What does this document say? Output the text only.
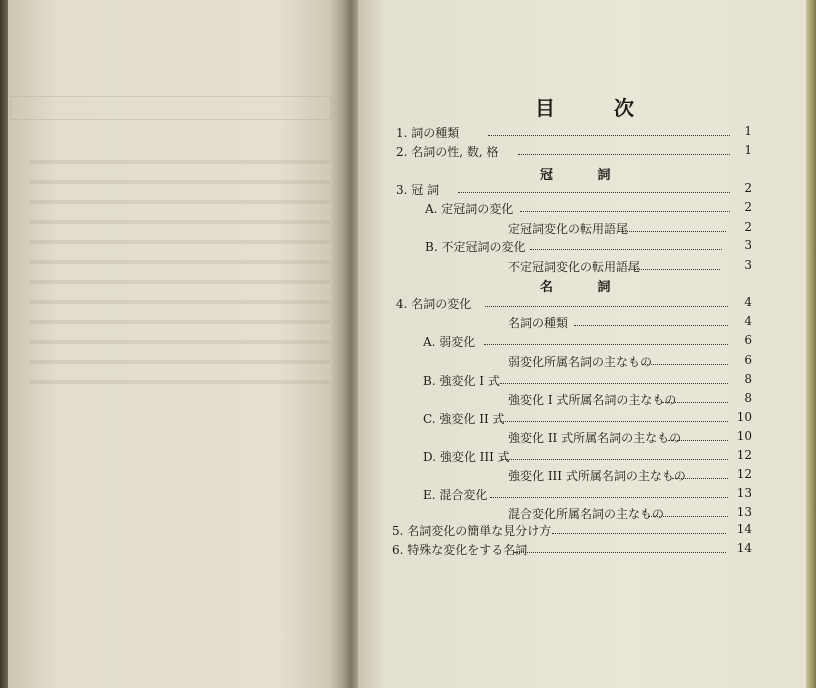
目 次
冠 詞
名 詞
1. 詞の種類	1
2. 名詞の性, 数, 格	1
3. 冠 詞	2
A. 定冠詞の変化	2
定冠詞変化の転用語尾	2
B. 不定冠詞の変化	3
不定冠詞変化の転用語尾	3
4. 名詞の変化	4
名詞の種類	4
A. 弱変化	6
弱変化所属名詞の主なもの	6
B. 強変化 I 式	8
強変化 I 式所属名詞の主なもの	8
C. 強変化 II 式	10
強変化 II 式所属名詞の主なもの	10
D. 強変化 III 式	12
強変化 III 式所属名詞の主なもの	12
E. 混合変化	13
混合変化所属名詞の主なもの	13
5. 名詞変化の簡単な見分け方	14
6. 特殊な変化をする名詞	14
